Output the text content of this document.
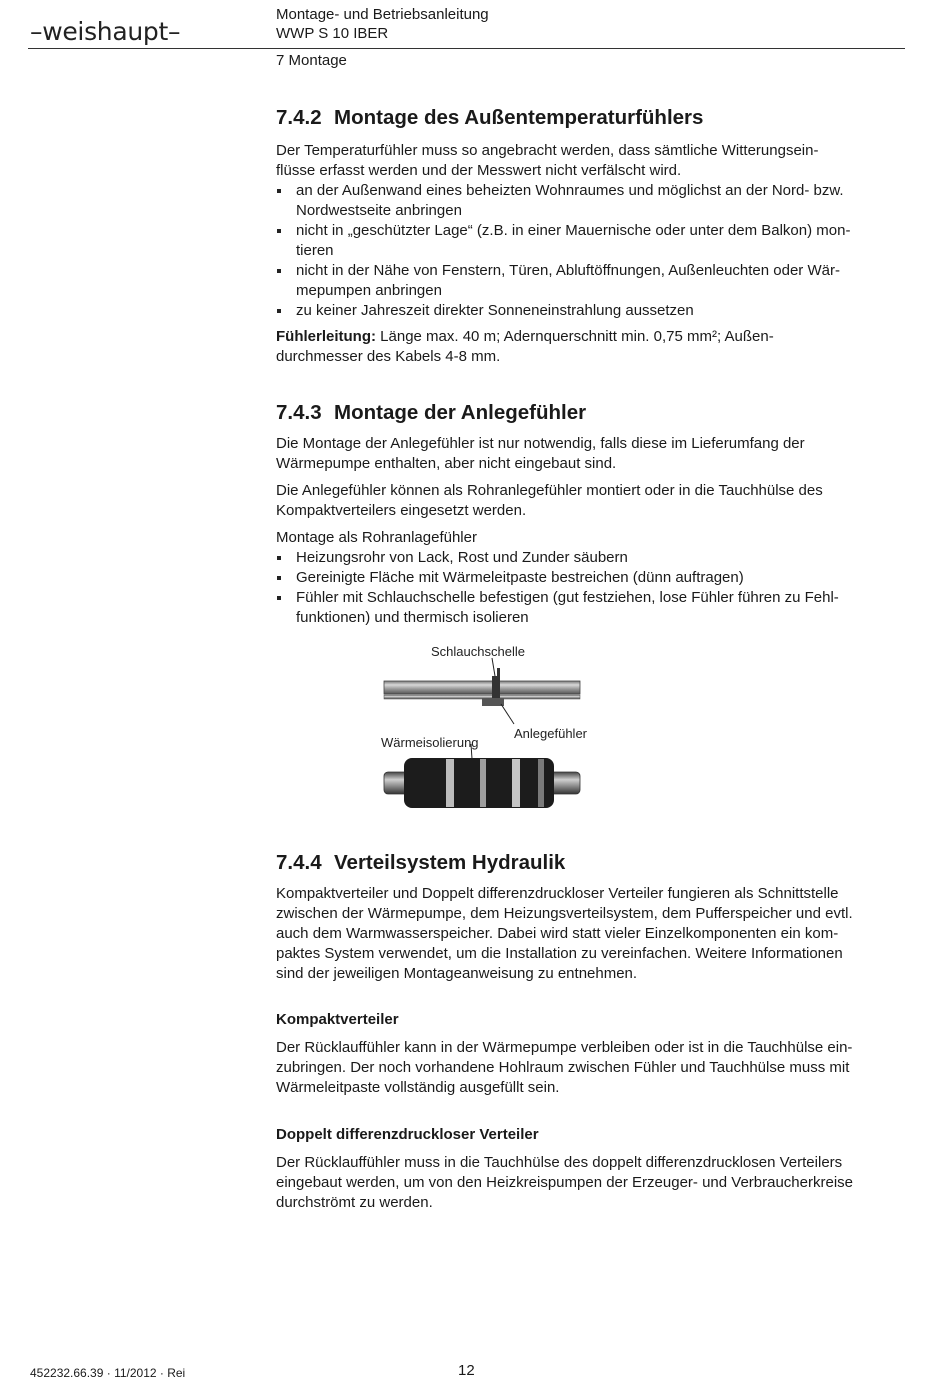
–weishaupt–
Montage- und Betriebsanleitung
WWP S 10 IBER
7 Montage
7.4.2 Montage des Außentemperaturfühlers

Der Temperaturfühler muss so angebracht werden, dass sämtliche Witterungsein-
flüsse erfasst werden und der Messwert nicht verfälscht wird.

an der Außenwand eines beheizten Wohnraumes und möglichst an der Nord- bzw.
Nordwestseite anbringen
nicht in „geschützter Lage“ (z.B. in einer Mauernische oder unter dem Balkon) mon-
tieren
nicht in der Nähe von Fenstern, Türen, Abluftöffnungen, Außenleuchten oder Wär-
mepumpen anbringen
zu keiner Jahreszeit direkter Sonneneinstrahlung aussetzen

Fühlerleitung: Länge max. 40 m; Adernquerschnitt min. 0,75 mm²; Außen-
durchmesser des Kabels 4-8 mm.

7.4.3 Montage der Anlegefühler

Die Montage der Anlegefühler ist nur notwendig, falls diese im Lieferumfang der
Wärmepumpe enthalten, aber nicht eingebaut sind.

Die Anlegefühler können als Rohranlegefühler montiert oder in die Tauchhülse des
Kompaktverteilers eingesetzt werden.

Montage als Rohranlagefühler

Heizungsrohr von Lack, Rost und Zunder säubern
Gereinigte Fläche mit Wärmeleitpaste bestreichen (dünn auftragen)
Fühler mit Schlauchschelle befestigen (gut festziehen, lose Fühler führen zu Fehl-
funktionen) und thermisch isolieren
Schlauchschelle
Anlegefühler
Wärmeisolierung
7.4.4 Verteilsystem Hydraulik

Kompaktverteiler und Doppelt differenzdruckloser Verteiler fungieren als Schnittstelle
zwischen der Wärmepumpe, dem Heizungsverteilsystem, dem Pufferspeicher und evtl.
auch dem Warmwasserspeicher. Dabei wird statt vieler Einzelkomponenten ein kom-
paktes System verwendet, um die Installation zu vereinfachen. Weitere Informationen
sind der jeweiligen Montageanweisung zu entnehmen.

Kompaktverteiler

Der Rücklauffühler kann in der Wärmepumpe verbleiben oder ist in die Tauchhülse ein-
zubringen. Der noch vorhandene Hohlraum zwischen Fühler und Tauchhülse muss mit
Wärmeleitpaste vollständig ausgefüllt sein.

Doppelt differenzdruckloser Verteiler

Der Rücklauffühler muss in die Tauchhülse des doppelt differenzdrucklosen Verteilers
eingebaut werden, um von den Heizkreispumpen der Erzeuger- und Verbraucherkreise
durchströmt zu werden.

452232.66.39 · 11/2012 · Rei	12
